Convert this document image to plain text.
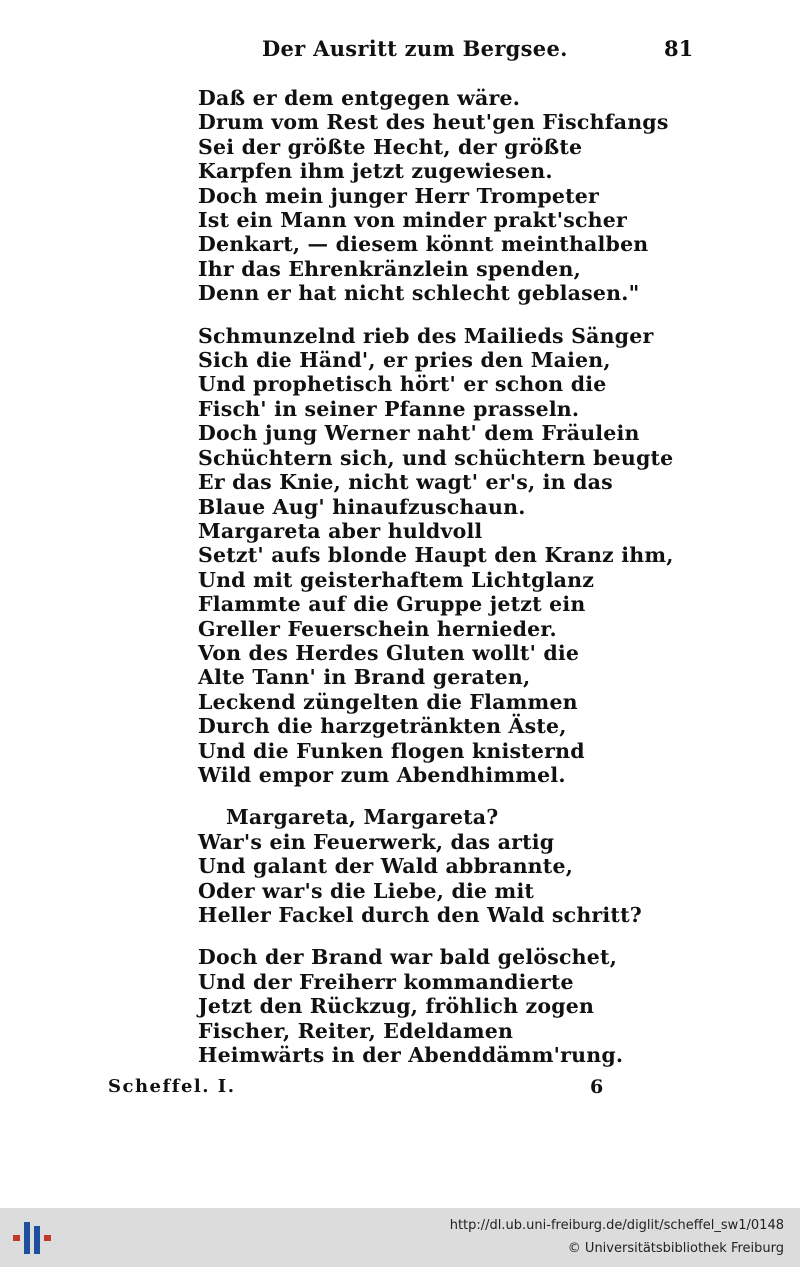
Der Ausritt zum Bergsee.	81
Daß er dem entgegen wäre.
Drum vom Rest des heut'gen Fischfangs
Sei der größte Hecht, der größte
Karpfen ihm jetzt zugewiesen.
Doch mein junger Herr Trompeter
Ist ein Mann von minder prakt'scher
Denkart, — diesem könnt meinthalben
Ihr das Ehrenkränzlein spenden,
Denn er hat nicht schlecht geblasen."
Schmunzelnd rieb des Mailieds Sänger
Sich die Händ', er pries den Maien,
Und prophetisch hört' er schon die
Fisch' in seiner Pfanne prasseln.
Doch jung Werner naht' dem Fräulein
Schüchtern sich, und schüchtern beugte
Er das Knie, nicht wagt' er's, in das
Blaue Aug' hinaufzuschaun.
Margareta aber huldvoll
Setzt' aufs blonde Haupt den Kranz ihm,
Und mit geisterhaftem Lichtglanz
Flammte auf die Gruppe jetzt ein
Greller Feuerschein hernieder.
Von des Herdes Gluten wollt' die
Alte Tann' in Brand geraten,
Leckend züngelten die Flammen
Durch die harzgetränkten Äste,
Und die Funken flogen knisternd
Wild empor zum Abendhimmel.
Margareta, Margareta?
War's ein Feuerwerk, das artig
Und galant der Wald abbrannte,
Oder war's die Liebe, die mit
Heller Fackel durch den Wald schritt?
Doch der Brand war bald gelöschet,
Und der Freiherr kommandierte
Jetzt den Rückzug, fröhlich zogen
Fischer, Reiter, Edeldamen
Heimwärts in der Abenddämm'rung.
Scheffel. I.	6
http://dl.ub.uni-freiburg.de/diglit/scheffel_sw1/0148
© Universitätsbibliothek Freiburg
